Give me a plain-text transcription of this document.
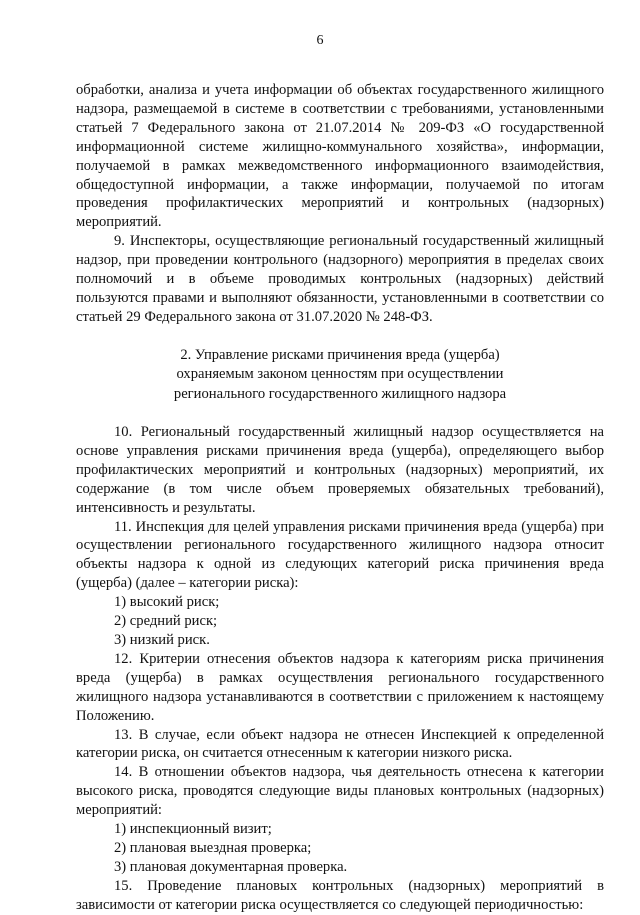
6

обработки, анализа и учета информации об объектах государственного жилищного надзора, размещаемой в системе в соответствии с требованиями, установленными статьей 7 Федерального закона от 21.07.2014 № 209-ФЗ «О государственной информационной системе жилищно-коммунального хозяйства», информации, получаемой в рамках межведомственного информационного взаимодействия, общедоступной информации, а также информации, получаемой по итогам проведения профилактических мероприятий и контрольных (надзорных) мероприятий.

9. Инспекторы, осуществляющие региональный государственный жилищный надзор, при проведении контрольного (надзорного) мероприятия в пределах своих полномочий и в объеме проводимых контрольных (надзорных) действий пользуются правами и выполняют обязанности, установленными в соответствии со статьей 29 Федерального закона от 31.07.2020 № 248-ФЗ.

2. Управление рисками причинения вреда (ущерба)
охраняемым законом ценностям при осуществлении
регионального государственного жилищного надзора

10. Региональный государственный жилищный надзор осуществляется на основе управления рисками причинения вреда (ущерба), определяющего выбор профилактических мероприятий и контрольных (надзорных) мероприятий, их содержание (в том числе объем проверяемых обязательных требований), интенсивность и результаты.

11. Инспекция для целей управления рисками причинения вреда (ущерба) при осуществлении регионального государственного жилищного надзора относит объекты надзора к одной из следующих категорий риска причинения вреда (ущерба) (далее – категории риска):

1) высокий риск;

2) средний риск;

3) низкий риск.

12. Критерии отнесения объектов надзора к категориям риска причинения вреда (ущерба) в рамках осуществления регионального государственного жилищного надзора устанавливаются в соответствии с приложением к настоящему Положению.

13. В случае, если объект надзора не отнесен Инспекцией к определенной категории риска, он считается отнесенным к категории низкого риска.

14. В отношении объектов надзора, чья деятельность отнесена к категории высокого риска, проводятся следующие виды плановых контрольных (надзорных) мероприятий:

1) инспекционный визит;

2) плановая выездная проверка;

3) плановая документарная проверка.

15. Проведение плановых контрольных (надзорных) мероприятий в зависимости от категории риска осуществляется со следующей периодичностью:
